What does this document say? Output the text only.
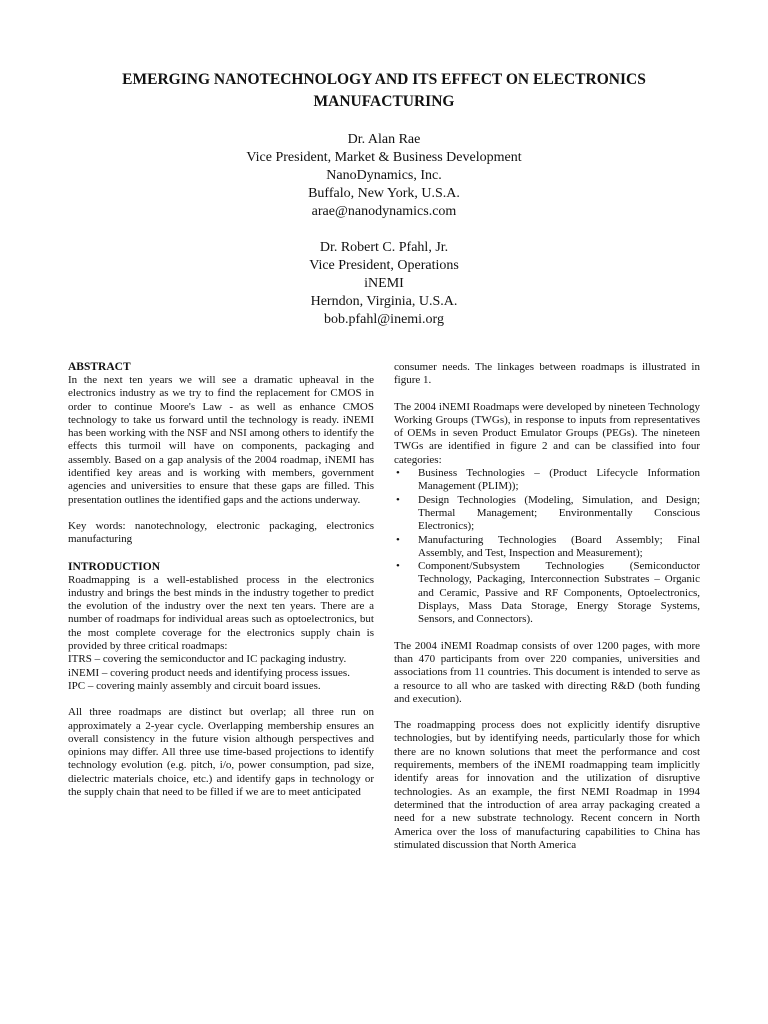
EMERGING NANOTECHNOLOGY AND ITS EFFECT ON ELECTRONICS
MANUFACTURING
Dr. Alan Rae
Vice President, Market & Business Development
NanoDynamics, Inc.
Buffalo, New York, U.S.A.
arae@nanodynamics.com
Dr. Robert C. Pfahl, Jr.
Vice President, Operations
iNEMI
Herndon, Virginia, U.S.A.
bob.pfahl@inemi.org
ABSTRACT

In the next ten years we will see a dramatic upheaval in the electronics industry as we try to find the replacement for CMOS in order to continue Moore's Law - as well as enhance CMOS technology to take us forward until the technology is ready. iNEMI has been working with the NSF and NSI among others to identify the effects this turmoil will have on components, packaging and assembly. Based on a gap analysis of the 2004 roadmap, iNEMI has identified key areas and is working with members, government agencies and universities to ensure that these gaps are filled. This presentation outlines the identified gaps and the actions underway.

Key words: nanotechnology, electronic packaging, electronics manufacturing

INTRODUCTION

Roadmapping is a well-established process in the electronics industry and brings the best minds in the industry together to predict the evolution of the industry over the next ten years. There are a number of roadmaps for individual areas such as optoelectronics, but the most complete coverage for the electronics supply chain is provided by three critical roadmaps:

ITRS – covering the semiconductor and IC packaging industry.

iNEMI – covering product needs and identifying process issues.

IPC – covering mainly assembly and circuit board issues.

All three roadmaps are distinct but overlap; all three run on approximately a 2-year cycle. Overlapping membership ensures an overall consistency in the future vision although perspectives and opinions may differ. All three use time-based projections to identify technology evolution (e.g. pitch, i/o, power consumption, pad size, dielectric materials choice, etc.) and identify gaps in technology or the supply chain that need to be filled if we are to meet anticipated

consumer needs. The linkages between roadmaps is illustrated in figure 1.

The 2004 iNEMI Roadmaps were developed by nineteen Technology Working Groups (TWGs), in response to inputs from representatives of OEMs in seven Product Emulator Groups (PEGs). The nineteen TWGs are identified in figure 2 and can be classified into four categories:

• Business Technologies – (Product Lifecycle Information Management (PLIM));
• Design Technologies (Modeling, Simulation, and Design; Thermal Management; Environmentally Conscious Electronics);
• Manufacturing Technologies (Board Assembly; Final Assembly, and Test, Inspection and Measurement);
• Component/Subsystem Technologies (Semiconductor Technology, Packaging, Interconnection Substrates – Organic and Ceramic, Passive and RF Components, Optoelectronics, Displays, Mass Data Storage, Energy Storage Systems, Sensors, and Connectors).

The 2004 iNEMI Roadmap consists of over 1200 pages, with more than 470 participants from over 220 companies, universities and associations from 11 countries. This document is intended to serve as a resource to all who are tasked with directing R&D (both funding and execution).

The roadmapping process does not explicitly identify disruptive technologies, but by identifying needs, particularly those for which there are no known solutions that meet the performance and cost requirements, members of the iNEMI roadmapping team implicitly identify areas for innovation and the utilization of disruptive technologies. As an example, the first NEMI Roadmap in 1994 determined that the introduction of area array packaging created a need for a new substrate technology. Recent concern in North America over the loss of manufacturing capabilities to China has stimulated discussion that North America
